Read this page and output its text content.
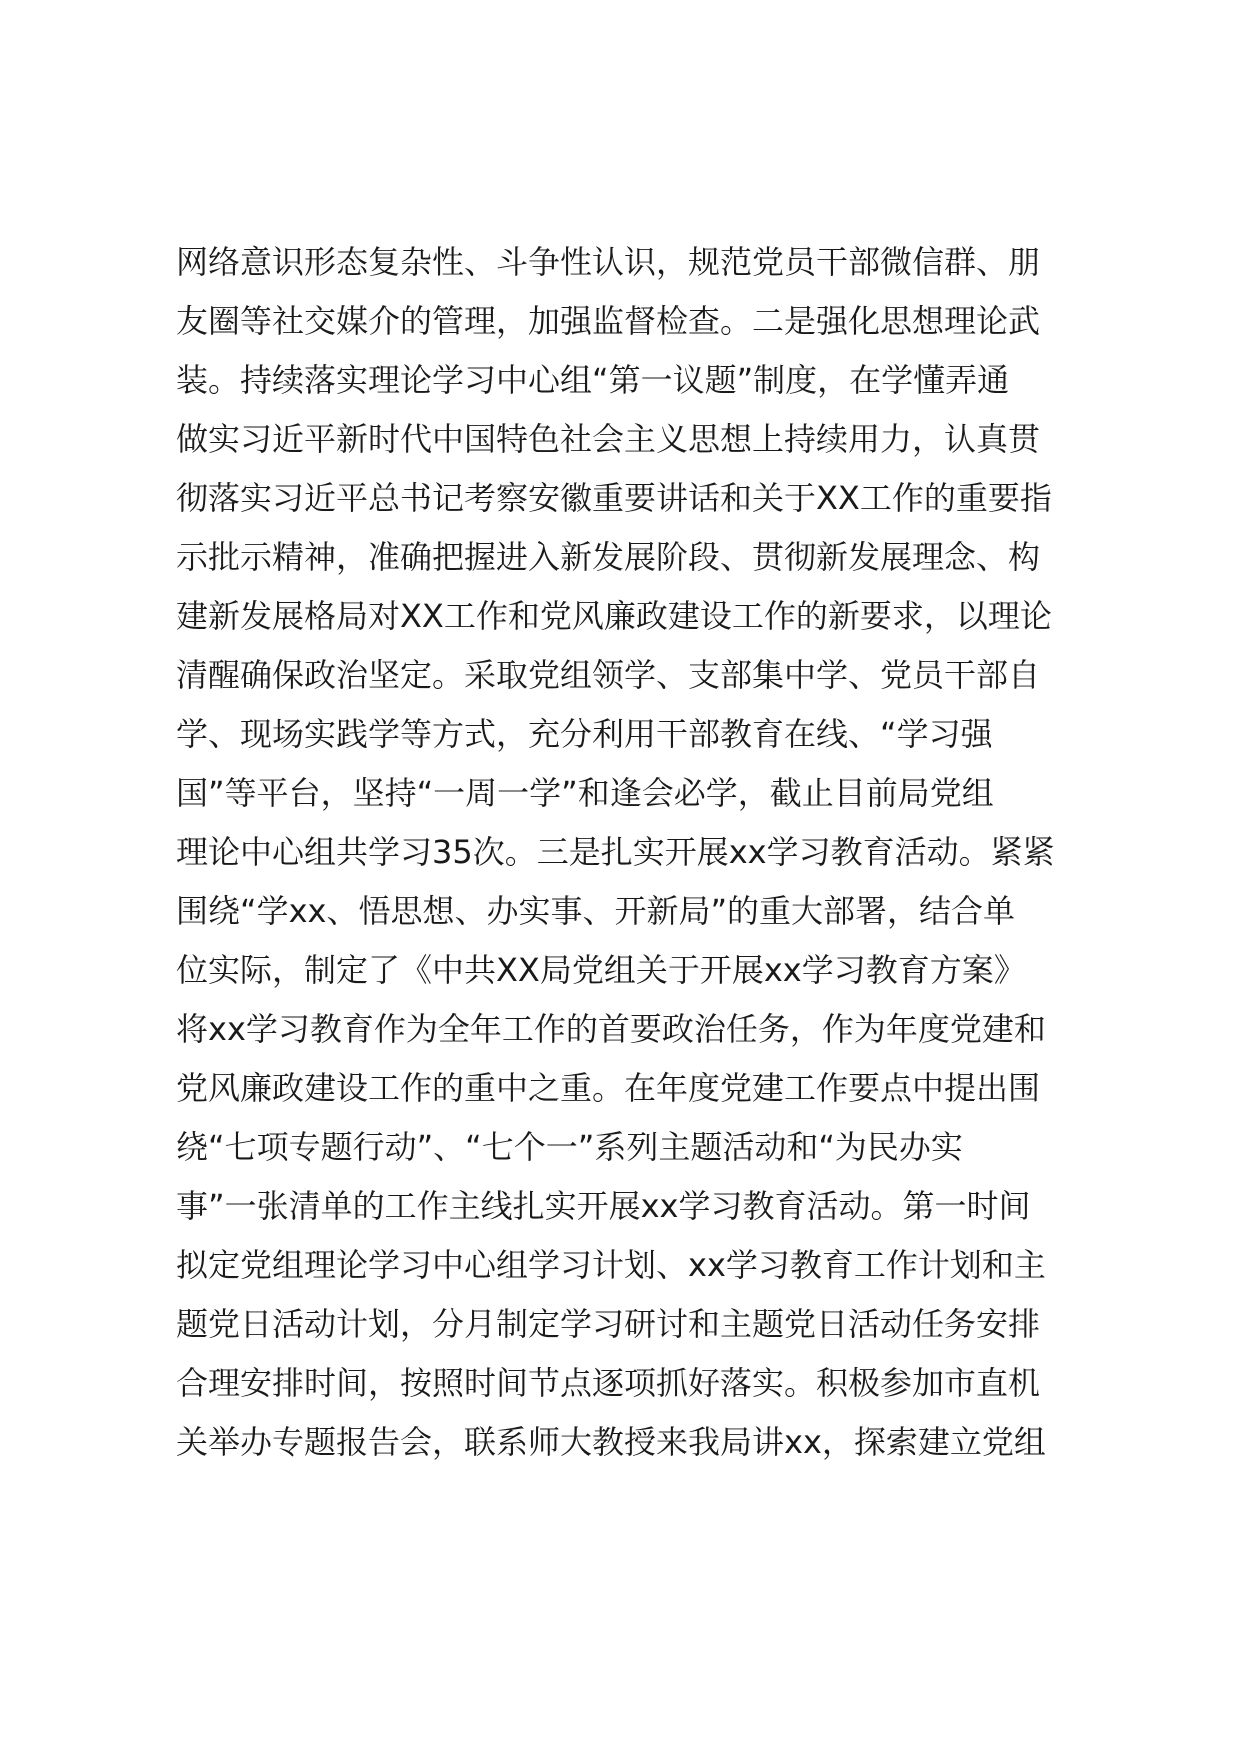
网络意识形态复杂性、斗争性认识，规范党员干部微信群、朋
友圈等社交媒介的管理，加强监督检查。二是强化思想理论武
装。持续落实理论学习中心组“第一议题”制度，在学懂弄通
做实习近平新时代中国特色社会主义思想上持续用力，认真贯
彻落实习近平总书记考察安徽重要讲话和关于XX工作的重要指
示批示精神，准确把握进入新发展阶段、贯彻新发展理念、构
建新发展格局对XX工作和党风廉政建设工作的新要求，以理论
清醒确保政治坚定。采取党组领学、支部集中学、党员干部自
学、现场实践学等方式，充分利用干部教育在线、“学习强
国”等平台，坚持“一周一学”和逢会必学，截止目前局党组
理论中心组共学习35次。三是扎实开展xx学习教育活动。紧紧
围绕“学xx、悟思想、办实事、开新局”的重大部署，结合单
位实际，制定了《中共XX局党组关于开展xx学习教育方案》
将xx学习教育作为全年工作的首要政治任务，作为年度党建和
党风廉政建设工作的重中之重。在年度党建工作要点中提出围
绕“七项专题行动”、“七个一”系列主题活动和“为民办实
事”一张清单的工作主线扎实开展xx学习教育活动。第一时间
拟定党组理论学习中心组学习计划、xx学习教育工作计划和主
题党日活动计划，分月制定学习研讨和主题党日活动任务安排
合理安排时间，按照时间节点逐项抓好落实。积极参加市直机
关举办专题报告会，联系师大教授来我局讲xx，探索建立党组
